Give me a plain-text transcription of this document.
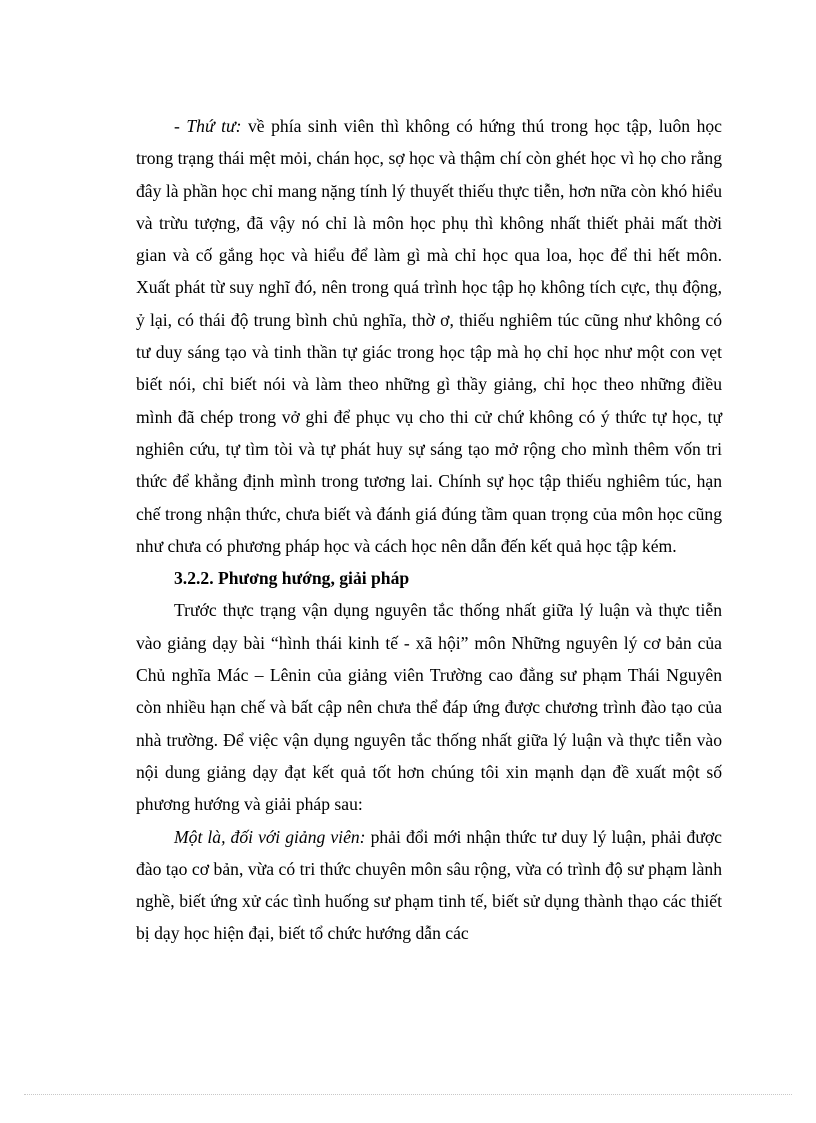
- Thứ tư: về phía sinh viên thì không có hứng thú trong học tập, luôn học trong trạng thái mệt mỏi, chán học, sợ học và thậm chí còn ghét học vì họ cho rằng đây là phần học chỉ mang nặng tính lý thuyết thiếu thực tiễn, hơn nữa còn khó hiểu và trừu tượng, đã vậy nó chỉ là môn học phụ thì không nhất thiết phải mất thời gian và cố gắng học và hiểu để làm gì mà chỉ học qua loa, học để thi hết môn. Xuất phát từ suy nghĩ đó, nên trong quá trình học tập họ không tích cực, thụ động, ỷ lại, có thái độ trung bình chủ nghĩa, thờ ơ, thiếu nghiêm túc cũng như không có tư duy sáng tạo và tinh thần tự giác trong học tập mà họ chỉ học như một con vẹt biết nói, chỉ biết nói và làm theo những gì thầy giảng, chỉ học theo những điều mình đã chép trong vở ghi để phục vụ cho thi cử chứ không có ý thức tự học, tự nghiên cứu, tự tìm tòi và tự phát huy sự sáng tạo mở rộng cho mình thêm vốn tri thức để khẳng định mình trong tương lai. Chính sự học tập thiếu nghiêm túc, hạn chế trong nhận thức, chưa biết và đánh giá đúng tầm quan trọng của môn học cũng như chưa có phương pháp học và cách học nên dẫn đến kết quả học tập kém.

3.2.2. Phương hướng, giải pháp

Trước thực trạng vận dụng nguyên tắc thống nhất giữa lý luận và thực tiễn vào giảng dạy bài “hình thái kinh tế - xã hội” môn Những nguyên lý cơ bản của Chủ nghĩa Mác – Lênin của giảng viên Trường cao đẳng sư phạm Thái Nguyên còn nhiều hạn chế và bất cập nên chưa thể đáp ứng được chương trình đào tạo của nhà trường. Để việc vận dụng nguyên tắc thống nhất giữa lý luận và thực tiễn vào nội dung giảng dạy đạt kết quả tốt hơn chúng tôi xin mạnh dạn đề xuất một số phương hướng và giải pháp sau:

Một là, đối với giảng viên: phải đổi mới nhận thức tư duy lý luận, phải được đào tạo cơ bản, vừa có tri thức chuyên môn sâu rộng, vừa có trình độ sư phạm lành nghề, biết ứng xử các tình huống sư phạm tinh tế, biết sử dụng thành thạo các thiết bị dạy học hiện đại, biết tổ chức hướng dẫn các
